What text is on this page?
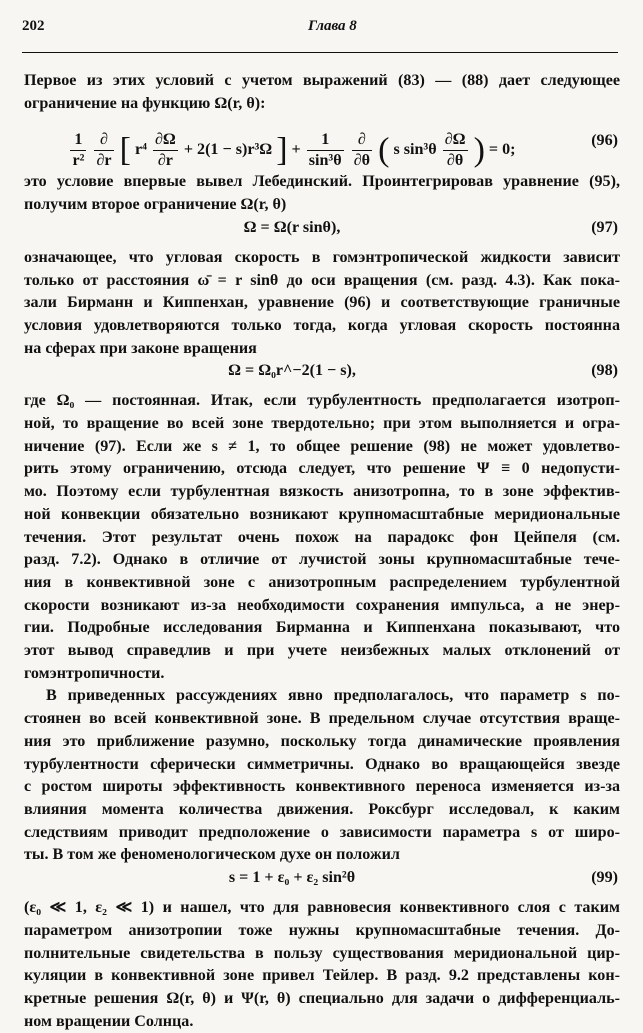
202	Глава 8
Первое из этих условий с учетом выражений (83) — (88) дает следующее
ограничение на функцию Ω(r, θ):
$\frac{1}{\text{r²}}$
$\frac{\partial}{\partial r}$ [ $r^4 \frac{\partial\Omega}{\partial r} + 2(1 - s)r^3\Omega$ ] + $\frac{1}{\text{sin³θ}}$
$\frac{\partial}{\partial\theta}$ ( s $\sin^3\theta \frac{\partial\Omega}{\partial\theta}$ ) = 0;
(96)
это условие впервые вывел Лебединский. Проинтегрировав уравнение (95),
получим второе ограничение Ω(r, θ)
Ω = Ω(r sinθ),	(97)
означающее, что угловая скорость в гомэнтропической жидкости зависит
только от расстояния ω̄ = r sinθ до оси вращения (см. разд. 4.3). Как пока-
зали Бирманн и Киппенхан, уравнение (96) и соответствующие граничные
условия удовлетворяются только тогда, когда угловая скорость постоянна
на сферах при законе вращения
Ω = Ω₀r^−2(1 − s),	(98)
где Ω₀ — постоянная. Итак, если турбулентность предполагается изотроп-
ной, то вращение во всей зоне твердотельно; при этом выполняется и огра-
ничение (97). Если же s ≠ 1, то общее решение (98) не может удовлетво-
рить этому ограничению, отсюда следует, что решение Ψ ≡ 0 недопусти-
мо. Поэтому если турбулентная вязкость анизотропна, то в зоне эффектив-
ной конвекции обязательно возникают крупномасштабные меридиональные
течения. Этот результат очень похож на парадокс фон Цейпеля (см.
разд. 7.2). Однако в отличие от лучистой зоны крупномасштабные тече-
ния в конвективной зоне с анизотропным распределением турбулентной
скорости возникают из-за необходимости сохранения импульса, а не энер-
гии. Подробные исследования Бирманна и Киппенхана показывают, что
этот вывод справедлив и при учете неизбежных малых отклонений от
гомэнтропичности.
В приведенных рассуждениях явно предполагалось, что параметр s по-
стоянен во всей конвективной зоне. В предельном случае отсутствия враще-
ния это приближение разумно, поскольку тогда динамические проявления
турбулентности сферически симметричны. Однако во вращающейся звезде
с ростом широты эффективность конвективного переноса изменяется из-за
влияния момента количества движения. Роксбург исследовал, к каким
следствиям приводит предположение о зависимости параметра s от широ-
ты. В том же феноменологическом духе он положил
s = 1 + ε₀ + ε₂ sin²θ	(99)
(ε₀ ≪ 1, ε₂ ≪ 1) и нашел, что для равновесия конвективного слоя с таким
параметром анизотропии тоже нужны крупномасштабные течения. До-
полнительные свидетельства в пользу существования меридиональной цир-
куляции в конвективной зоне привел Тейлер. В разд. 9.2 представлены кон-
кретные решения Ω(r, θ) и Ψ(r, θ) специально для задачи о дифференциаль-
ном вращении Солнца.
